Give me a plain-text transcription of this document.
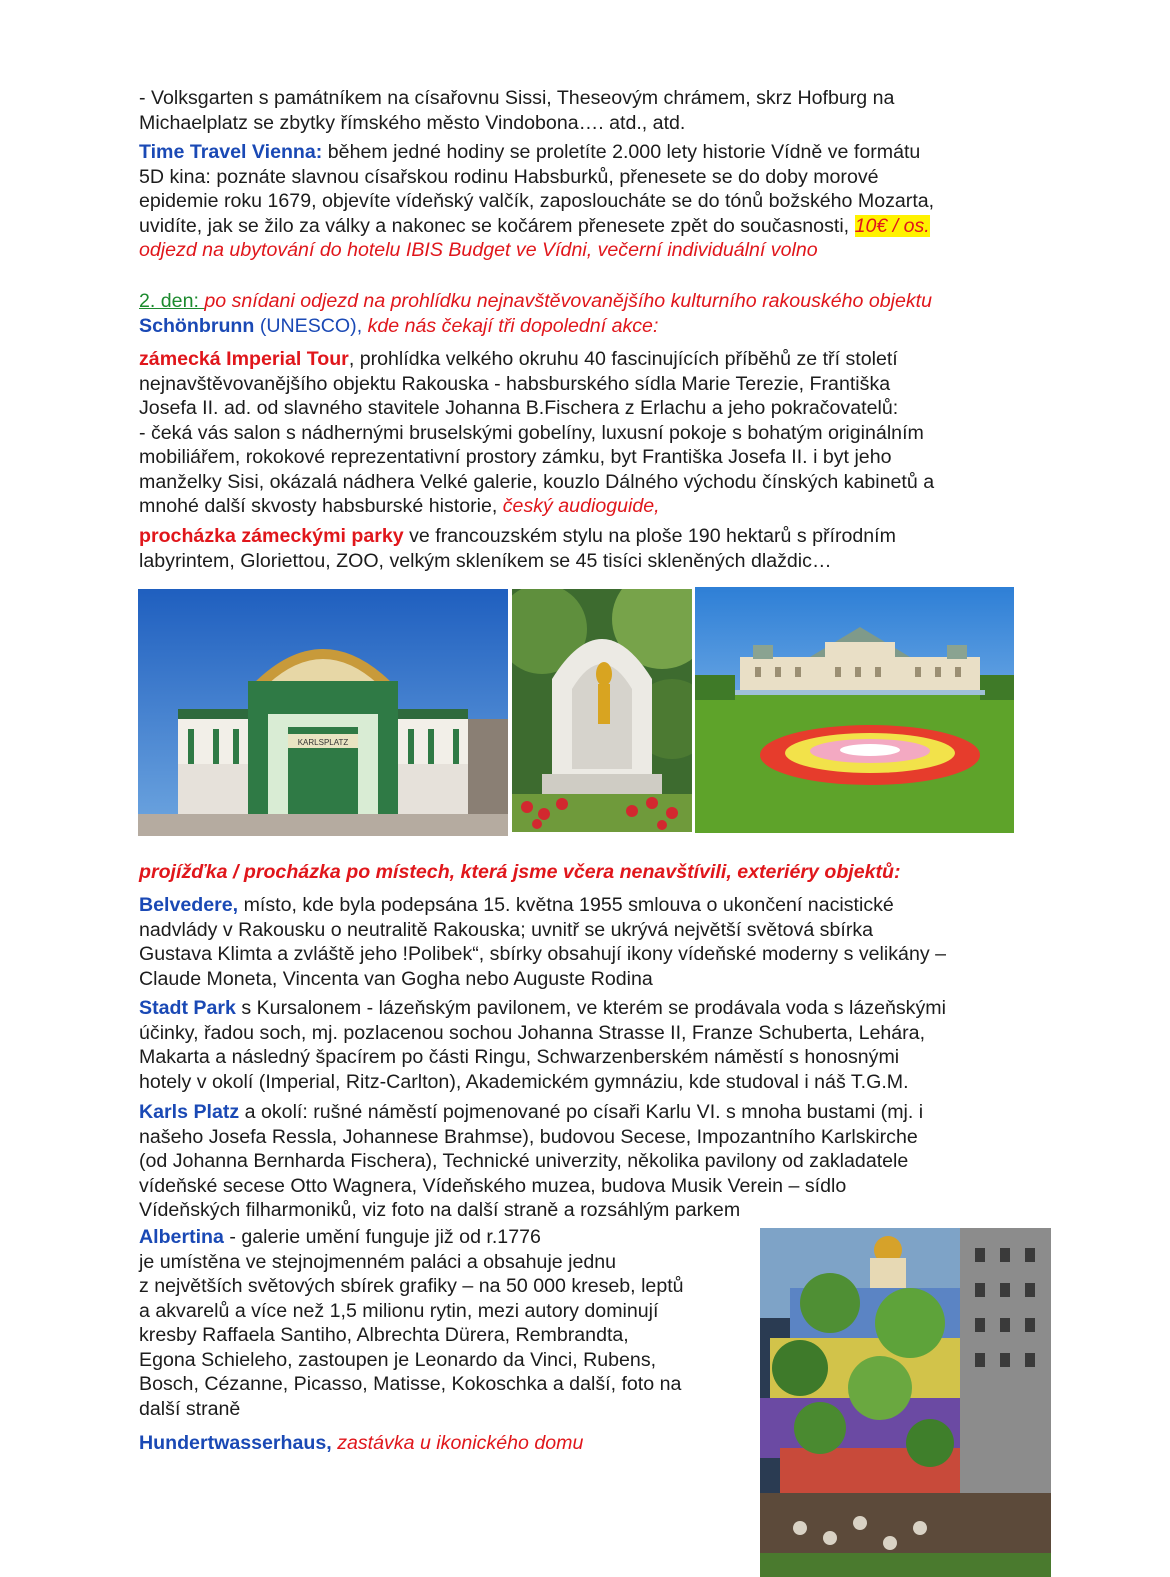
- Volksgarten s památníkem na císařovnu Sissi, Theseovým chrámem, skrz Hofburg na
Michaelplatz se zbytky římského město Vindobona…. atd., atd.
Time Travel Vienna: během jedné hodiny se proletíte 2.000 lety historie Vídně ve formátu
5D kina: poznáte slavnou císařskou rodinu Habsburků, přenesete se do doby morové
epidemie roku 1679, objevíte vídeňský valčík, zaposloucháte se do tónů božského Mozarta,
uvidíte, jak se žilo za války a nakonec se kočárem přenesete zpět do současnosti, 10€ / os.
odjezd na ubytování do hotelu IBIS Budget ve Vídni, večerní individuální volno
2. den: po snídani odjezd na prohlídku nejnavštěvovanějšího kulturního rakouského objektu
Schönbrunn (UNESCO), kde nás čekají tři dopolední akce:
zámecká Imperial Tour, prohlídka velkého okruhu 40 fascinujících příběhů ze tří století
nejnavštěvovanějšího objektu Rakouska - habsburského sídla Marie Terezie, Františka
Josefa II. ad. od slavného stavitele Johanna B.Fischera z Erlachu a jeho pokračovatelů:
- čeká vás salon s nádhernými bruselskými gobelíny, luxusní pokoje s bohatým originálním
mobiliářem, rokokové reprezentativní prostory zámku, byt Františka Josefa II. i byt jeho
manželky Sisi, okázalá nádhera Velké galerie, kouzlo Dálného východu čínských kabinetů a
mnohé další skvosty habsburské historie, český audioguide,
procházka zámeckými parky ve francouzském stylu na ploše 190 hektarů s přírodním
labyrintem, Gloriettou, ZOO, velkým skleníkem se 45 tisíci skleněných dlaždic…
KARLSPLATZ
projížďka / procházka po místech, která jsme včera nenavštívili, exteriéry objektů:
Belvedere, místo, kde byla podepsána 15. května 1955 smlouva o ukončení nacistické
nadvlády v Rakousku o neutralitě Rakouska; uvnitř se ukrývá největší světová sbírka
Gustava Klimta a zvláště jeho !Polibek“, sbírky obsahují ikony vídeňské moderny s velikány –
Claude Moneta, Vincenta van Gogha nebo Auguste Rodina
Stadt Park s Kursalonem - lázeňským pavilonem, ve kterém se prodávala voda s lázeňskými
účinky, řadou soch, mj. pozlacenou sochou Johanna Strasse II, Franze Schuberta, Lehára,
Makarta a následný špacírem po části Ringu, Schwarzenberském náměstí s honosnými
hotely v okolí (Imperial, Ritz-Carlton), Akademickém gymnáziu, kde studoval i náš T.G.M.
Karls Platz a okolí: rušné náměstí pojmenované po císaři Karlu VI. s mnoha bustami (mj. i
našeho Josefa Ressla, Johannese Brahmse), budovou Secese, Impozantního Karlskirche
(od Johanna Bernharda Fischera), Technické univerzity, několika pavilony od zakladatele
vídeňské secese Otto Wagnera, Vídeňského muzea, budova Musik Verein – sídlo
Vídeňských filharmoniků, viz foto na další straně a rozsáhlým parkem
Albertina - galerie umění funguje již od r.1776
je umístěna ve stejnojmenném paláci a obsahuje jednu
z největších světových sbírek grafiky – na 50 000 kreseb, leptů
a akvarelů a více než 1,5 milionu rytin, mezi autory dominují
kresby Raffaela Santiho, Albrechta Dürera, Rembrandta,
Egona Schieleho, zastoupen je Leonardo da Vinci, Rubens,
Bosch, Cézanne, Picasso, Matisse, Kokoschka a další, foto na
další straně
Hundertwasserhaus, zastávka u ikonického domu
